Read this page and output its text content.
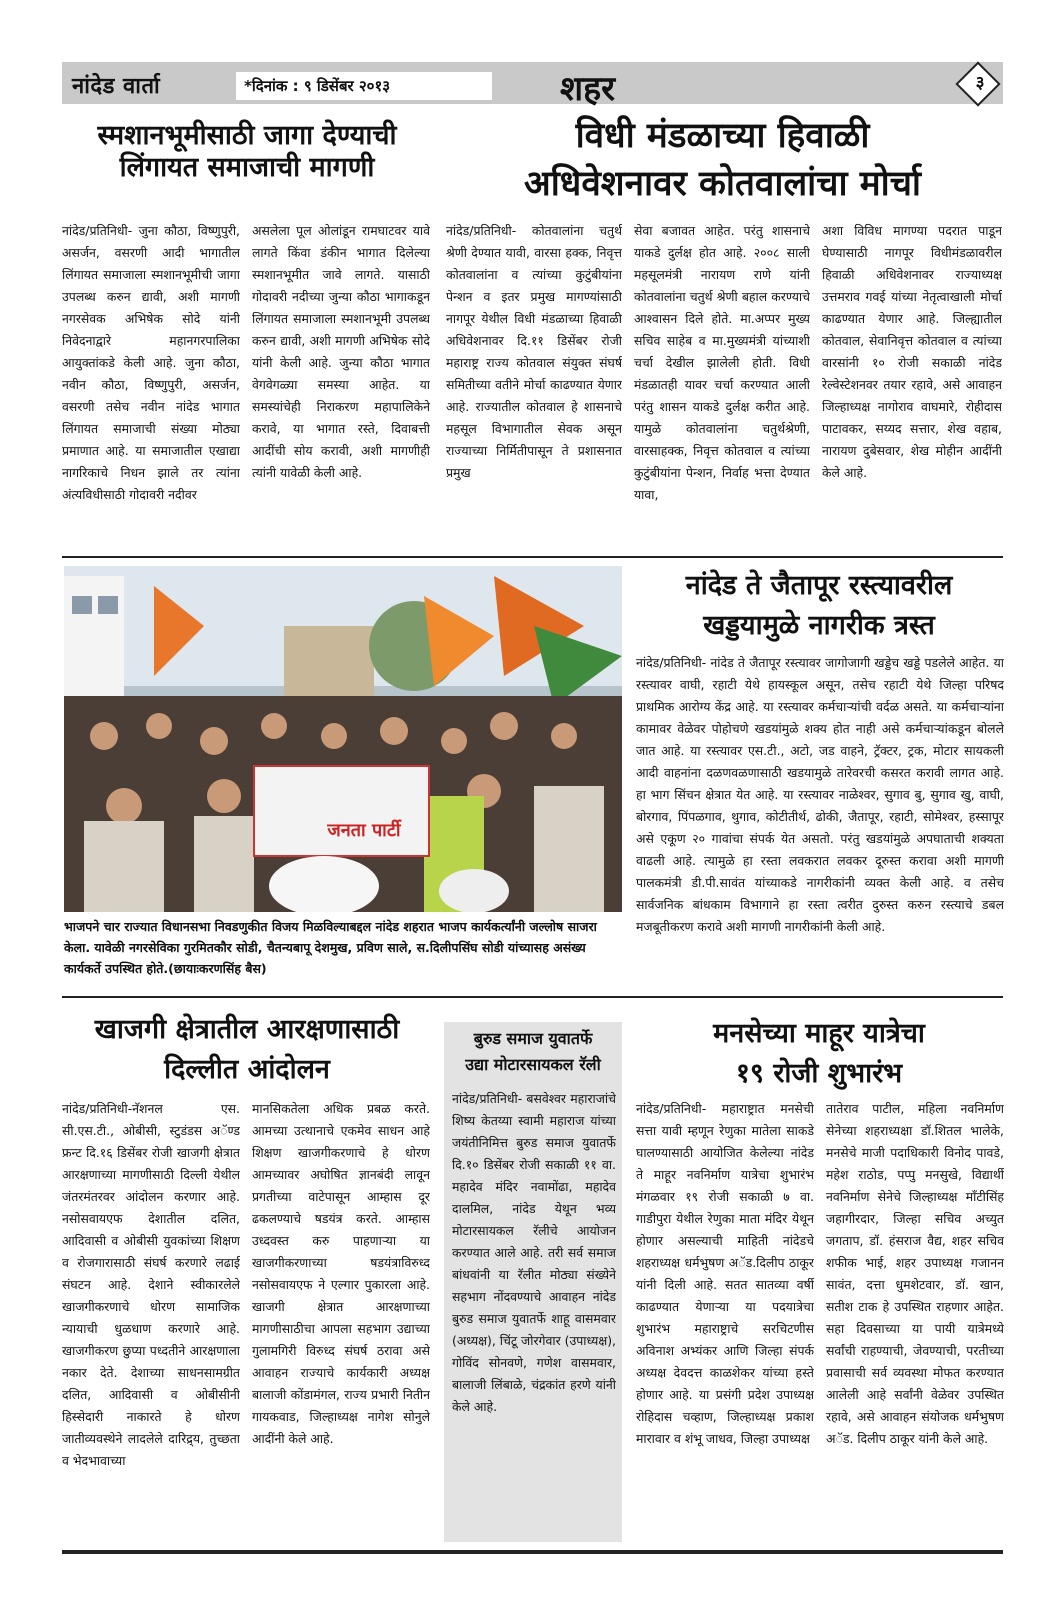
नांदेड वार्ता	*दिनांक : ९ डिसेंबर २०१३	शहर	३
स्मशानभूमीसाठी जागा देण्याची
लिंगायत समाजाची मागणी
नांदेड/प्रतिनिधी- जुना कौठा, विष्णुपुरी, असर्जन, वसरणी आदी भागातील लिंगायत समाजाला स्मशानभूमीची जागा उपलब्ध करुन द्यावी, अशी मागणी नगरसेवक अभिषेक सोदे यांनी निवेदनाद्वारे महानगरपालिका आयुक्तांकडे केली आहे. जुना कौठा, नवीन कौठा, विष्णुपुरी, असर्जन, वसरणी तसेच नवीन नांदेड भागात लिंगायत समाजाची संख्या मोठ्या प्रमाणात आहे. या समाजातील एखाद्या नागरिकाचे निधन झाले तर त्यांना अंत्यविधीसाठी गोदावरी नदीवर
असलेला पूल ओलांडून रामघाटवर यावे लागते किंवा डंकीन भागात दिलेल्या स्मशानभूमीत जावे लागते. यासाठी गोदावरी नदीच्या जुन्या कौठा भागाकडून लिंगायत समाजाला स्मशानभूमी उपलब्ध करुन द्यावी, अशी मागणी अभिषेक सोदे यांनी केली आहे. जुन्या कौठा भागात वेगवेगळ्या समस्या आहेत. या समस्यांचेही निराकरण महापालिकेने करावे, या भागात रस्ते, दिवाबत्ती आदींची सोय करावी, अशी मागणीही त्यांनी यावेळी केली आहे.
विधी मंडळाच्या हिवाळी
अधिवेशनावर कोतवालांचा मोर्चा
नांदेड/प्रतिनिधी- कोतवालांना चतुर्थ श्रेणी देण्यात यावी, वारसा हक्क, निवृत्त कोतवालांना व त्यांच्या कुटुंबीयांना पेन्शन व इतर प्रमुख मागण्यांसाठी नागपूर येथील विधी मंडळाच्या हिवाळी अधिवेशनावर दि.११ डिसेंबर रोजी महाराष्ट्र राज्य कोतवाल संयुक्त संघर्ष समितीच्या वतीने मोर्चा काढण्यात येणार आहे. राज्यातील कोतवाल हे शासनाचे महसूल विभागातील सेवक असून राज्याच्या निर्मितीपासून ते प्रशासनात प्रमुख
सेवा बजावत आहेत. परंतु शासनाचे याकडे दुर्लक्ष होत आहे. २००८ साली महसूलमंत्री नारायण राणे यांनी कोतवालांना चतुर्थ श्रेणी बहाल करण्याचे आश्वासन दिले होते. मा.अप्पर मुख्य सचिव साहेब व मा.मुख्यमंत्री यांच्याशी चर्चा देखील झालेली होती. विधी मंडळातही यावर चर्चा करण्यात आली परंतु शासन याकडे दुर्लक्ष करीत आहे. यामुळे कोतवालांना चतुर्थश्रेणी, वारसाहक्क, निवृत्त कोतवाल व त्यांच्या कुटुंबीयांना पेन्शन, निर्वाह भत्ता देण्यात यावा,
अशा विविध मागण्या पदरात पाडून घेण्यासाठी नागपूर विधीमंडळावरील हिवाळी अधिवेशनावर राज्याध्यक्ष उत्तमराव गवई यांच्या नेतृत्वाखाली मोर्चा काढण्यात येणार आहे. जिल्ह्यातील कोतवाल, सेवानिवृत्त कोतवाल व त्यांच्या वारसांनी १० रोजी सकाळी नांदेड रेल्वेस्टेशनवर तयार रहावे, असे आवाहन जिल्हाध्यक्ष नागोराव वाघमारे, रोहीदास पाटावकर, सय्यद सत्तार, शेख वहाब, नारायण दुबेसवार, शेख मोहीन आदींनी केले आहे.
जनता पार्टी
भाजपने चार राज्यात विधानसभा निवडणुकीत विजय मिळविल्याबद्दल नांदेड शहरात भाजप कार्यकर्त्यांनी जल्लोष साजरा केला. यावेळी नगरसेविका गुरमितकौर सोडी, चैतन्यबापू देशमुख, प्रविण साले, स.दिलीपसिंघ सोडी यांच्यासह असंख्य कार्यकर्ते उपस्थित होते.(छायाःकरणसिंह बैस)
नांदेड ते जैतापूर रस्त्यावरील
खड्डयामुळे नागरीक त्रस्त
नांदेड/प्रतिनिधी- नांदेड ते जैतापूर रस्त्यावर जागोजागी खड्डेच खड्डे पडलेले आहेत. या रस्त्यावर वाघी, रहाटी येथे हायस्कूल असून, तसेच रहाटी येथे जिल्हा परिषद प्राथमिक आरोग्य केंद्र आहे. या रस्त्यावर कर्मचाऱ्यांची वर्दळ असते. या कर्मचाऱ्यांना कामावर वेळेवर पोहोचणे खडयांमुळे शक्य होत नाही असे कर्मचाऱ्यांकडून बोलले जात आहे. या रस्त्यावर एस.टी., अटो, जड वाहने, ट्रॅक्टर, ट्रक, मोटार सायकली आदी वाहनांना दळणवळणासाठी खडयामुळे तारेवरची कसरत करावी लागत आहे. हा भाग सिंचन क्षेत्रात येत आहे. या रस्त्यावर नाळेश्वर, सुगाव बु, सुगाव खु, वाघी, बोरगाव, पिंपळगाव, थुगाव, कोटीतीर्थ, ढोकी, जैतापूर, रहाटी, सोमेश्वर, हस्सापूर असे एकूण २० गावांचा संपर्क येत असतो. परंतु खडयांमुळे अपघाताची शक्यता वाढली आहे. त्यामुळे हा रस्ता लवकरात लवकर दूरुस्त करावा अशी मागणी पालकमंत्री डी.पी.सावंत यांच्याकडे नागरीकांनी व्यक्त केली आहे. व तसेच सार्वजनिक बांधकाम विभागाने हा रस्ता त्वरीत दुरुस्त करुन रस्त्याचे डबल मजबूतीकरण करावे अशी मागणी नागरीकांनी केली आहे.
खाजगी क्षेत्रातील आरक्षणासाठी
दिल्लीत आंदोलन
नांदेड/प्रतिनिधी-नॅशनल एस. सी.एस.टी., ओबीसी, स्टुडंडस अॅण्ड फ्रन्ट दि.१६ डिसेंबर रोजी खाजगी क्षेत्रात आरक्षणाच्या मागणीसाठी दिल्ली येथील जंतरमंतरवर आंदोलन करणार आहे. नसोसवायएफ देशातील दलित, आदिवासी व ओबीसी युवकांच्या शिक्षण व रोजगारासाठी संघर्ष करणारे लढाई संघटन आहे. देशाने स्वीकारलेले खाजगीकरणाचे धोरण सामाजिक न्यायाची धुळधाण करणारे आहे. खाजगीकरण छुप्या पध्दतीने आरक्षणाला नकार देते. देशाच्या साधनसामग्रीत दलित, आदिवासी व ओबीसीनी हिस्सेदारी नाकारते हे धोरण जातीव्यवस्थेने लादलेले दारिद्र्य, तुच्छता व भेदभावाच्या
मानसिकतेला अधिक प्रबळ करते. आमच्या उत्थानाचे एकमेव साधन आहे शिक्षण खाजगीकरणाचे हे धोरण आमच्यावर अघोषित ज्ञानबंदी लावून प्रगतीच्या वाटेपासून आम्हास दूर ढकलण्याचे षडयंत्र करते. आम्हास उध्दवस्त करु पाहणाऱ्या या खाजगीकरणाच्या षडयंत्राविरुध्द नसोसवायएफ ने एल्गार पुकारला आहे. खाजगी क्षेत्रात आरक्षणाच्या मागणीसाठीचा आपला सहभाग उद्याच्या गुलामगिरी विरुध्द संघर्ष ठरावा असे आवाहन राज्याचे कार्यकारी अध्यक्ष बालाजी कोंडामंगल, राज्य प्रभारी नितीन गायकवाड, जिल्हाध्यक्ष नागेश सोनुले आदींनी केले आहे.
बुरुड समाज युवातर्फे
उद्या मोटारसायकल रॅली
नांदेड/प्रतिनिधी- बसवेश्वर महाराजांचे शिष्य केतय्या स्वामी महाराज यांच्या जयंतीनिमित्त बुरुड समाज युवातर्फे दि.१० डिसेंबर रोजी सकाळी ११ वा. महादेव मंदिर नवामोंढा, महादेव दालमिल, नांदेड येथून भव्य मोटारसायकल रॅलीचे आयोजन करण्यात आले आहे. तरी सर्व समाज बांधवांनी या रॅलीत मोठ्या संख्येने सहभाग नोंदवण्याचे आवाहन नांदेड बुरुड समाज युवातर्फे शाहू वासमवार (अध्यक्ष), चिंटू जोरगेवार (उपाध्यक्ष), गोविंद सोनवणे, गणेश वासमवार, बालाजी लिंबाळे, चंद्रकांत हरणे यांनी केले आहे.
मनसेच्या माहूर यात्रेचा
१९ रोजी शुभारंभ
नांदेड/प्रतिनिधी- महाराष्ट्रात मनसेची सत्ता यावी म्हणून रेणुका मातेला साकडे घालण्यासाठी आयोजित केलेल्या नांदेड ते माहूर नवनिर्माण यात्रेचा शुभारंभ मंगळवार १९ रोजी सकाळी ७ वा. गाडीपुरा येथील रेणुका माता मंदिर येथून होणार असल्याची माहिती नांदेडचे शहराध्यक्ष धर्मभुषण अॅड.दिलीप ठाकूर यांनी दिली आहे. सतत सातव्या वर्षी काढण्यात येणाऱ्या या पदयात्रेचा शुभारंभ महाराष्ट्राचे सरचिटणीस अविनाश अभ्यंकर आणि जिल्हा संपर्क अध्यक्ष देवदत्त काळशेकर यांच्या हस्ते होणार आहे. या प्रसंगी प्रदेश उपाध्यक्ष रोहिदास चव्हाण, जिल्हाध्यक्ष प्रकाश मारावार व शंभू जाधव, जिल्हा उपाध्यक्ष
तातेराव पाटील, महिला नवनिर्माण सेनेच्या शहराध्यक्षा डॉ.शितल भालेके, मनसेचे माजी पदाधिकारी विनोद पावडे, महेश राठोड, पप्पु मनसुखे, विद्यार्थी नवनिर्माण सेनेचे जिल्हाध्यक्ष माँटीसिंह जहागीरदार, जिल्हा सचिव अच्युत जगताप, डॉ. हंसराज वैद्य, शहर सचिव शफीक भाई, शहर उपाध्यक्ष गजानन सावंत, दत्ता धुमशेटवार, डॉ. खान, सतीश टाक हे उपस्थित राहणार आहेत. सहा दिवसाच्या या पायी यात्रेमध्ये सर्वांची राहण्याची, जेवण्याची, परतीच्या प्रवासाची सर्व व्यवस्था मोफत करण्यात आलेली आहे सर्वांनी वेळेवर उपस्थित रहावे, असे आवाहन संयोजक धर्मभुषण अॅड. दिलीप ठाकूर यांनी केले आहे.
